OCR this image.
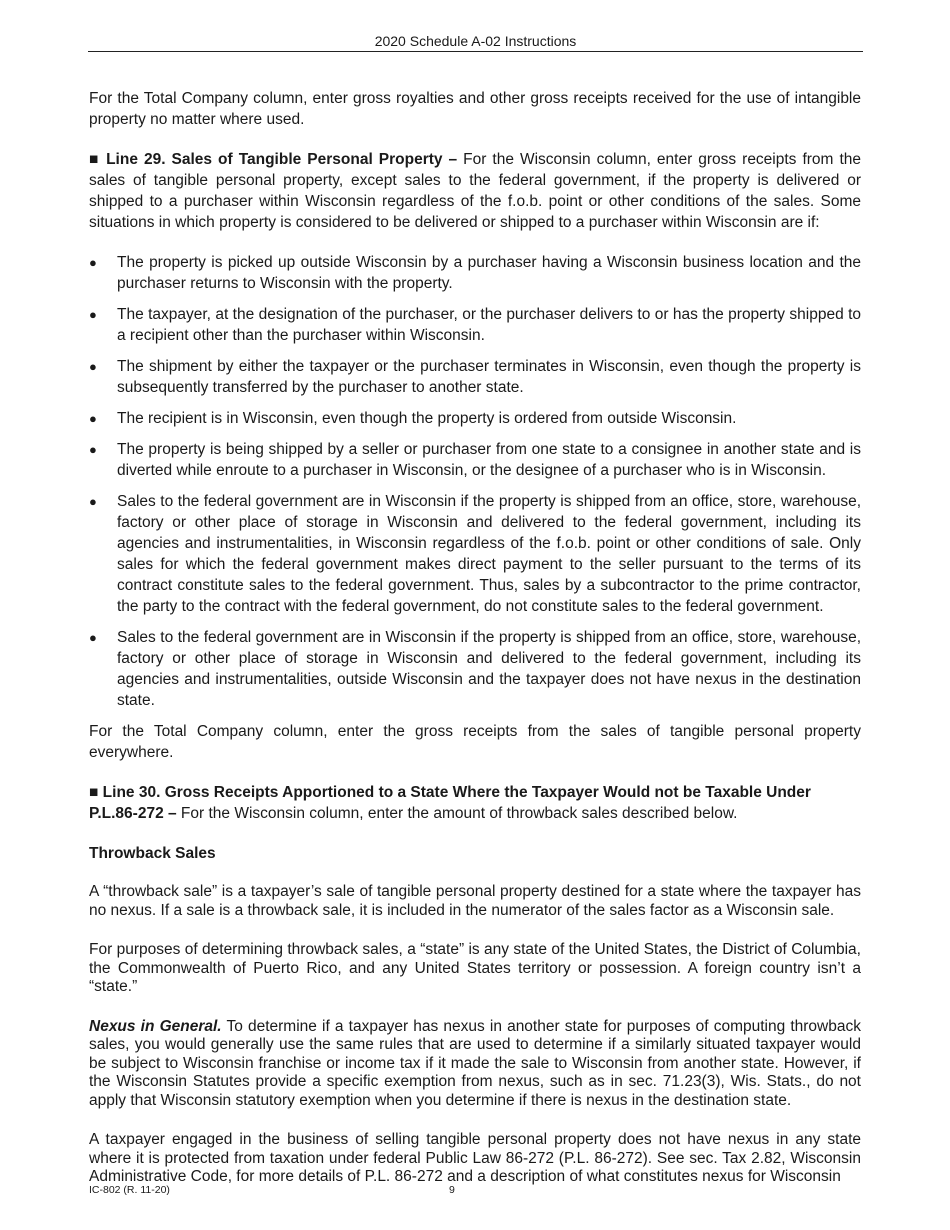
2020 Schedule A-02 Instructions

For the Total Company column, enter gross royalties and other gross receipts received for the use of intangible property no matter where used.

■ Line 29. Sales of Tangible Personal Property – For the Wisconsin column, enter gross receipts from the sales of tangible personal property, except sales to the federal government, if the property is delivered or shipped to a purchaser within Wisconsin regardless of the f.o.b. point or other conditions of the sales. Some situations in which property is considered to be delivered or shipped to a purchaser within Wisconsin are if:

● The property is picked up outside Wisconsin by a purchaser having a Wisconsin business location and the purchaser returns to Wisconsin with the property.
● The taxpayer, at the designation of the purchaser, or the purchaser delivers to or has the property shipped to a recipient other than the purchaser within Wisconsin.
● The shipment by either the taxpayer or the purchaser terminates in Wisconsin, even though the property is subsequently transferred by the purchaser to another state.
● The recipient is in Wisconsin, even though the property is ordered from outside Wisconsin.
● The property is being shipped by a seller or purchaser from one state to a consignee in another state and is diverted while enroute to a purchaser in Wisconsin, or the designee of a purchaser who is in Wisconsin.
● Sales to the federal government are in Wisconsin if the property is shipped from an office, store, warehouse, factory or other place of storage in Wisconsin and delivered to the federal government, including its agencies and instrumentalities, in Wisconsin regardless of the f.o.b. point or other conditions of sale. Only sales for which the federal government makes direct payment to the seller pursuant to the terms of its contract constitute sales to the federal government. Thus, sales by a subcontractor to the prime contractor, the party to the contract with the federal government, do not constitute sales to the federal government.
● Sales to the federal government are in Wisconsin if the property is shipped from an office, store, warehouse, factory or other place of storage in Wisconsin and delivered to the federal government, including its agencies and instrumentalities, outside Wisconsin and the taxpayer does not have nexus in the destination state.

For the Total Company column, enter the gross receipts from the sales of tangible personal property everywhere.

■ Line 30. Gross Receipts Apportioned to a State Where the Taxpayer Would not be Taxable Under P.L.86-272 – For the Wisconsin column, enter the amount of throwback sales described below.

Throwback Sales

A “throwback sale” is a taxpayer’s sale of tangible personal property destined for a state where the taxpayer has no nexus. If a sale is a throwback sale, it is included in the numerator of the sales factor as a Wisconsin sale.

For purposes of determining throwback sales, a “state” is any state of the United States, the District of Columbia, the Commonwealth of Puerto Rico, and any United States territory or possession. A foreign country isn’t a “state.”

Nexus in General. To determine if a taxpayer has nexus in another state for purposes of computing throwback sales, you would generally use the same rules that are used to determine if a similarly situated taxpayer would be subject to Wisconsin franchise or income tax if it made the sale to Wisconsin from another state. However, if the Wisconsin Statutes provide a specific exemption from nexus, such as in sec. 71.23(3), Wis. Stats., do not apply that Wisconsin statutory exemption when you determine if there is nexus in the destination state.

A taxpayer engaged in the business of selling tangible personal property does not have nexus in any state where it is protected from taxation under federal Public Law 86-272 (P.L. 86-272). See sec. Tax 2.82, Wisconsin Administrative Code, for more details of P.L. 86-272 and a description of what constitutes nexus for Wisconsin

IC-802 (R. 11-20)	9
